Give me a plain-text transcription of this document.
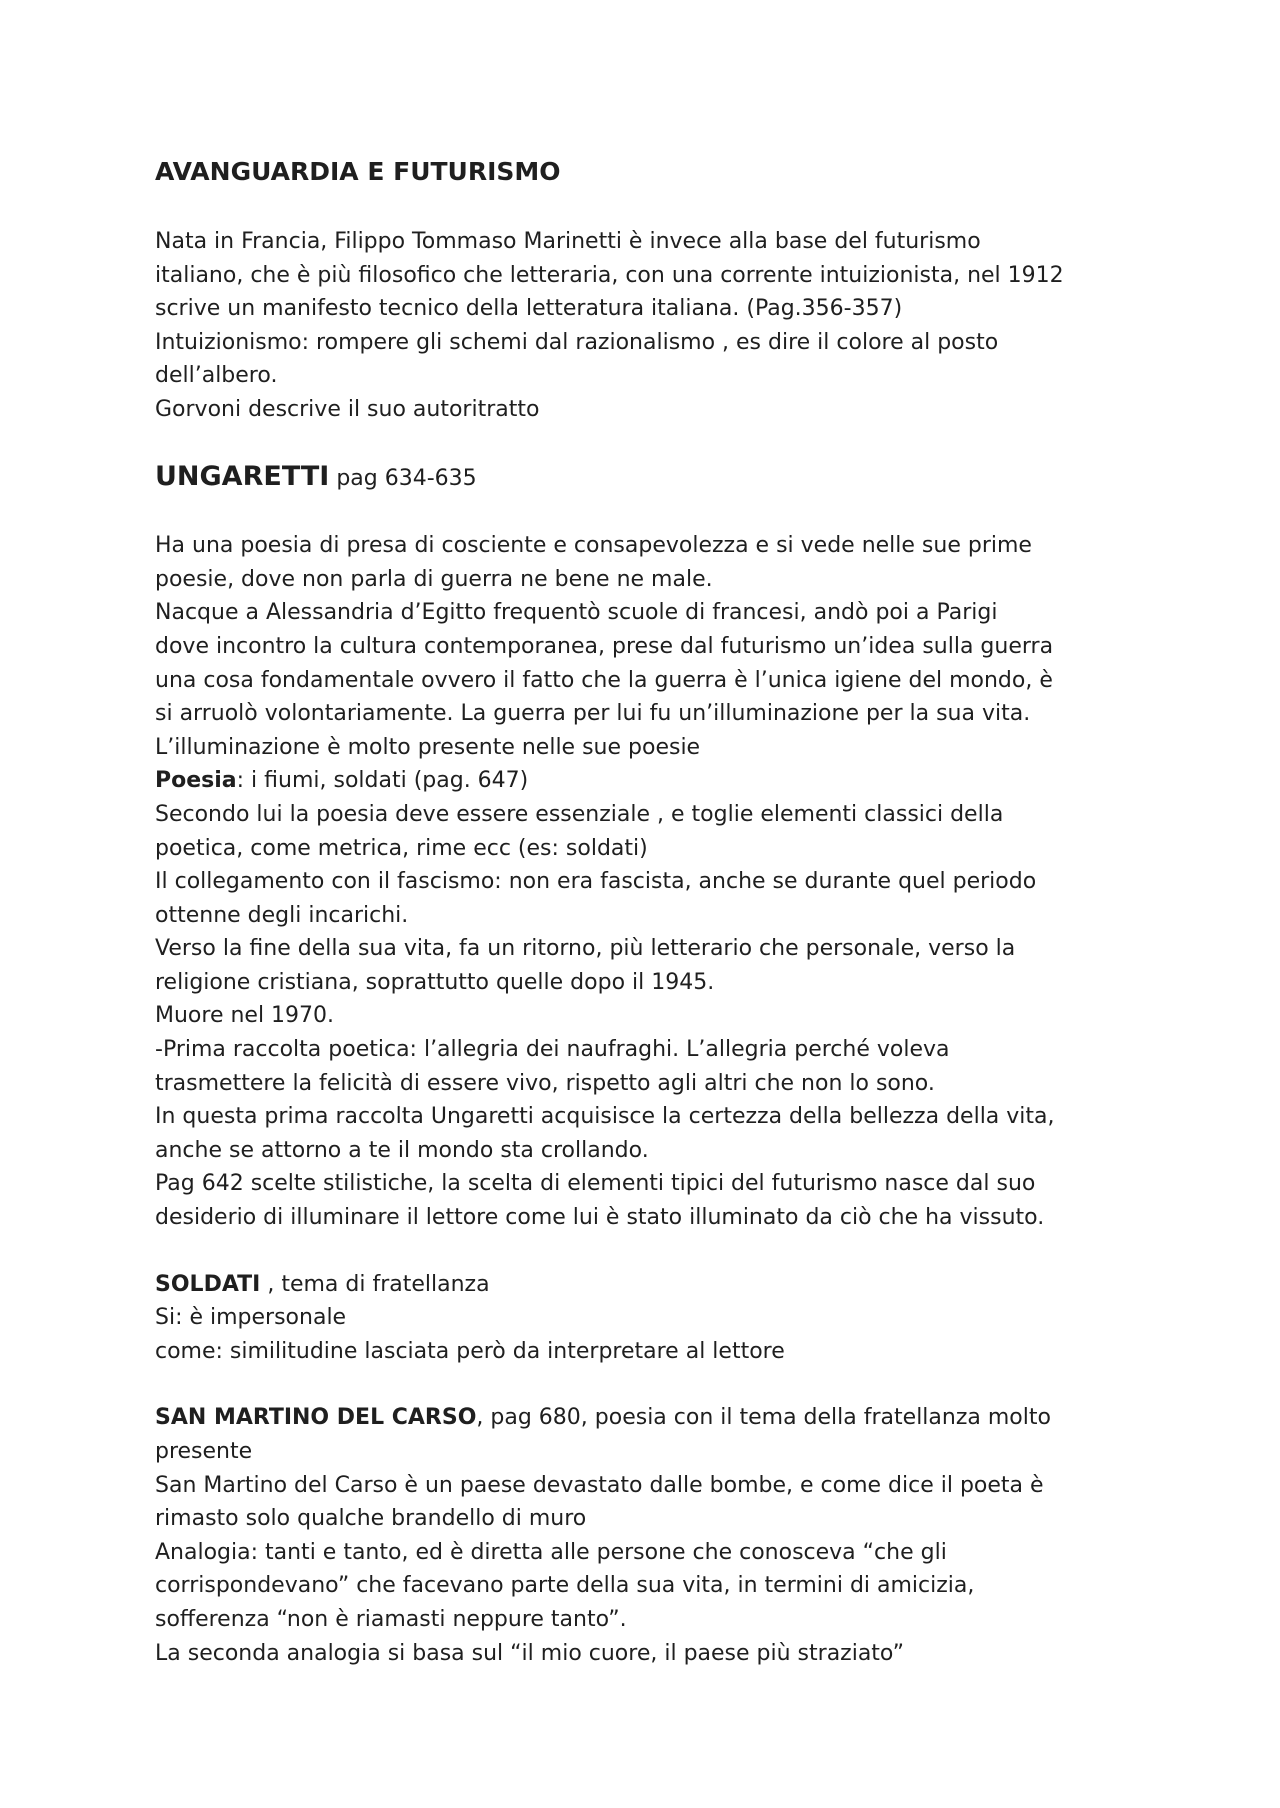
AVANGUARDIA E FUTURISMO

Nata in Francia, Filippo Tommaso Marinetti è invece alla base del futurismo

italiano, che è più filosofico che letteraria, con una corrente intuizionista, nel 1912

scrive un manifesto tecnico della letteratura italiana. (Pag.356-357)

Intuizionismo: rompere gli schemi dal razionalismo , es dire il colore al posto

dell’albero.

Gorvoni descrive il suo autoritratto

UNGARETTI pag 634-635

Ha una poesia di presa di cosciente e consapevolezza e si vede nelle sue prime

poesie, dove non parla di guerra ne bene ne male.

Nacque a Alessandria d’Egitto frequentò scuole di francesi, andò poi a Parigi

dove incontro la cultura contemporanea, prese dal futurismo un’idea sulla guerra

una cosa fondamentale ovvero il fatto che la guerra è l’unica igiene del mondo, è

si arruolò volontariamente. La guerra per lui fu un’illuminazione per la sua vita.

L’illuminazione è molto presente nelle sue poesie

Poesia: i fiumi, soldati (pag. 647)

Secondo lui la poesia deve essere essenziale , e toglie elementi classici della

poetica, come metrica, rime ecc (es: soldati)

Il collegamento con il fascismo: non era fascista, anche se durante quel periodo

ottenne degli incarichi.

Verso la fine della sua vita, fa un ritorno, più letterario che personale, verso la

religione cristiana, soprattutto quelle dopo il 1945.

Muore nel 1970.

-Prima raccolta poetica: l’allegria dei naufraghi. L’allegria perché voleva

trasmettere la felicità di essere vivo, rispetto agli altri che non lo sono.

In questa prima raccolta Ungaretti acquisisce la certezza della bellezza della vita,

anche se attorno a te il mondo sta crollando.

Pag 642 scelte stilistiche, la scelta di elementi tipici del futurismo nasce dal suo

desiderio di illuminare il lettore come lui è stato illuminato da ciò che ha vissuto.

SOLDATI , tema di fratellanza

Si: è impersonale

come: similitudine lasciata però da interpretare al lettore

SAN MARTINO DEL CARSO, pag 680, poesia con il tema della fratellanza molto

presente

San Martino del Carso è un paese devastato dalle bombe, e come dice il poeta è

rimasto solo qualche brandello di muro

Analogia: tanti e tanto, ed è diretta alle persone che conosceva “che gli

corrispondevano” che facevano parte della sua vita, in termini di amicizia,

sofferenza “non è riamasti neppure tanto”.

La seconda analogia si basa sul “il mio cuore, il paese più straziato”
